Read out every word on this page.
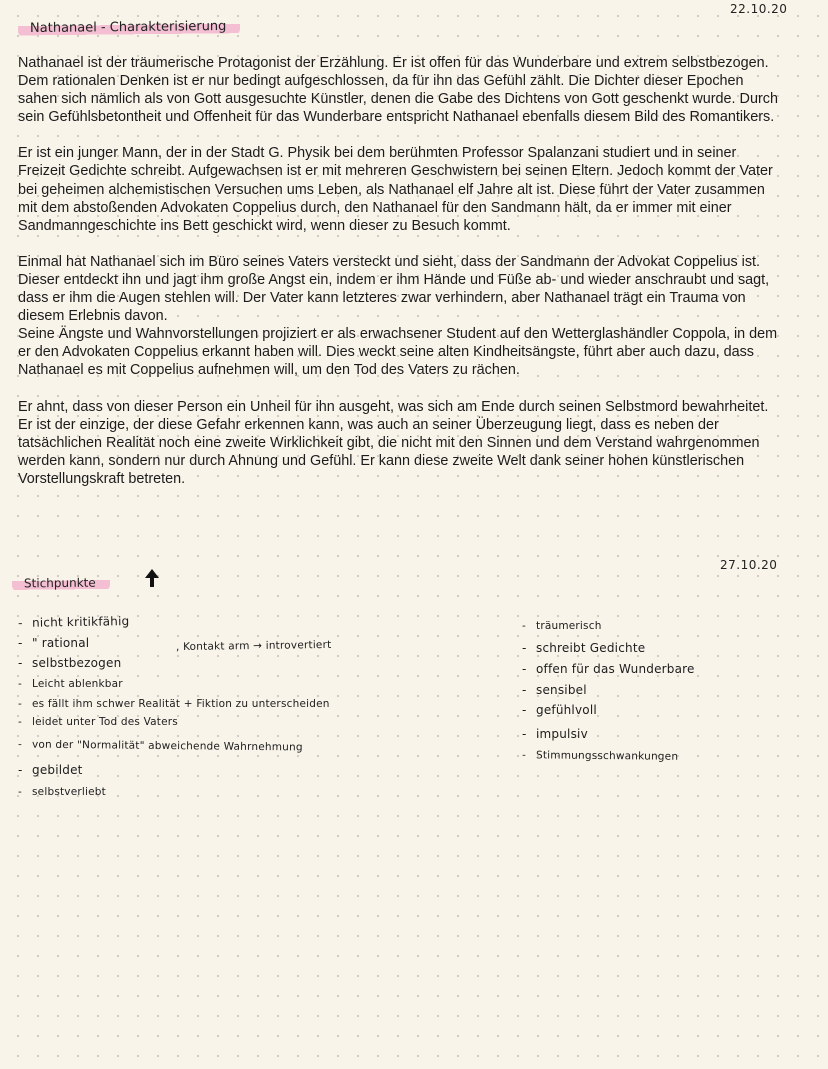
22.10.20
Nathanael - Charakterisierung

Nathanael ist der träumerische Protagonist der Erzählung. Er ist offen für das Wunderbare und extrem selbstbezogen. Dem rationalen Denken ist er nur bedingt aufgeschlossen, da für ihn das Gefühl zählt. Die Dichter dieser Epochen sahen sich nämlich als von Gott ausgesuchte Künstler, denen die Gabe des Dichtens von Gott geschenkt wurde. Durch sein Gefühlsbetontheit und Offenheit für das Wunderbare entspricht Nathanael ebenfalls diesem Bild des Romantikers.

Er ist ein junger Mann, der in der Stadt G. Physik bei dem berühmten Professor Spalanzani studiert und in seiner Freizeit Gedichte schreibt. Aufgewachsen ist er mit mehreren Geschwistern bei seinen Eltern. Jedoch kommt der Vater bei geheimen alchemistischen Versuchen ums Leben, als Nathanael elf Jahre alt ist. Diese führt der Vater zusammen mit dem abstoßenden Advokaten Coppelius durch, den Nathanael für den Sandmann hält, da er immer mit einer Sandmanngeschichte ins Bett geschickt wird, wenn dieser zu Besuch kommt.

Einmal hat Nathanael sich im Büro seines Vaters versteckt und sieht, dass der Sandmann der Advokat Coppelius ist. Dieser entdeckt ihn und jagt ihm große Angst ein, indem er ihm Hände und Füße ab- und wieder anschraubt und sagt, dass er ihm die Augen stehlen will. Der Vater kann letzteres zwar verhindern, aber Nathanael trägt ein Trauma von diesem Erlebnis davon.
Seine Ängste und Wahnvorstellungen projiziert er als erwachsener Student auf den Wetterglashändler Coppola, in dem er den Advokaten Coppelius erkannt haben will. Dies weckt seine alten Kindheitsängste, führt aber auch dazu, dass Nathanael es mit Coppelius aufnehmen will, um den Tod des Vaters zu rächen.

Er ahnt, dass von dieser Person ein Unheil für ihn ausgeht, was sich am Ende durch seinen Selbstmord bewahrheitet. Er ist der einzige, der diese Gefahr erkennen kann, was auch an seiner Überzeugung liegt, dass es neben der tatsächlichen Realität noch eine zweite Wirklichkeit gibt, die nicht mit den Sinnen und dem Verstand wahrgenommen werden kann, sondern nur durch Ahnung und Gefühl. Er kann diese zweite Welt dank seiner hohen künstlerischen Vorstellungskraft betreten.

27.10.20
Stichpunkte
- nicht kritikfähig
- " rational	, Kontakt arm → introvertiert
- selbstbezogen
- Leicht ablenkbar
- es fällt ihm schwer Realität + Fiktion zu unterscheiden
- leidet unter Tod des Vaters
- von der "Normalität" abweichende Wahrnehmung
- gebildet
- selbstverliebt
- träumerisch
- schreibt Gedichte
- offen für das Wunderbare
- sensibel
- gefühlvoll
- impulsiv
- Stimmungsschwankungen
